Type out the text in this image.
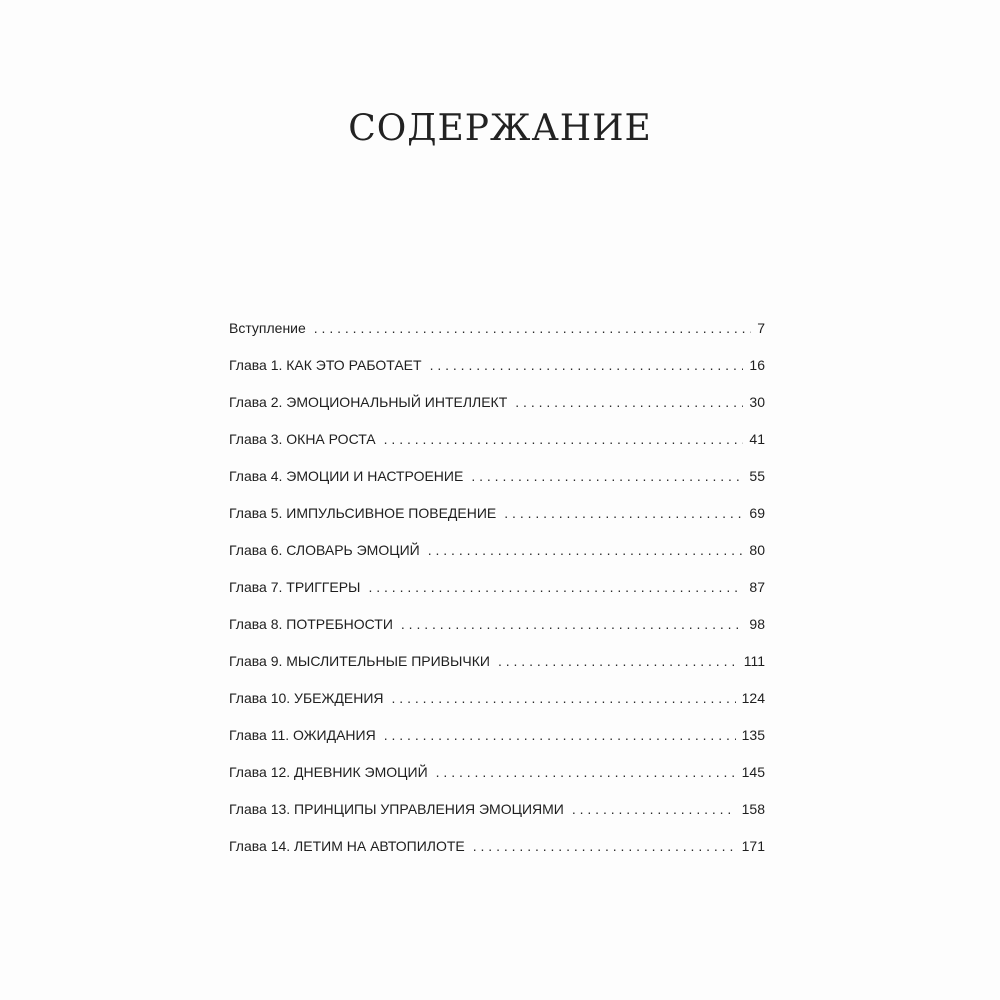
СОДЕРЖАНИЕ
Вступление . . .	7
Глава 1. КАК ЭТО РАБОТАЕТ . . .	16
Глава 2. ЭМОЦИОНАЛЬНЫЙ ИНТЕЛЛЕКТ . . .	30
Глава 3. ОКНА РОСТА . . .	41
Глава 4. ЭМОЦИИ И НАСТРОЕНИЕ . . .	55
Глава 5. ИМПУЛЬСИВНОЕ ПОВЕДЕНИЕ . . .	69
Глава 6. СЛОВАРЬ ЭМОЦИЙ . . .	80
Глава 7. ТРИГГЕРЫ . . .	87
Глава 8. ПОТРЕБНОСТИ . . .	98
Глава 9. МЫСЛИТЕЛЬНЫЕ ПРИВЫЧКИ . . .	111
Глава 10. УБЕЖДЕНИЯ . . .	124
Глава 11. ОЖИДАНИЯ . . .	135
Глава 12. ДНЕВНИК ЭМОЦИЙ . . .	145
Глава 13. ПРИНЦИПЫ УПРАВЛЕНИЯ ЭМОЦИЯМИ . . .	158
Глава 14. ЛЕТИМ НА АВТОПИЛОТЕ . . .	171
